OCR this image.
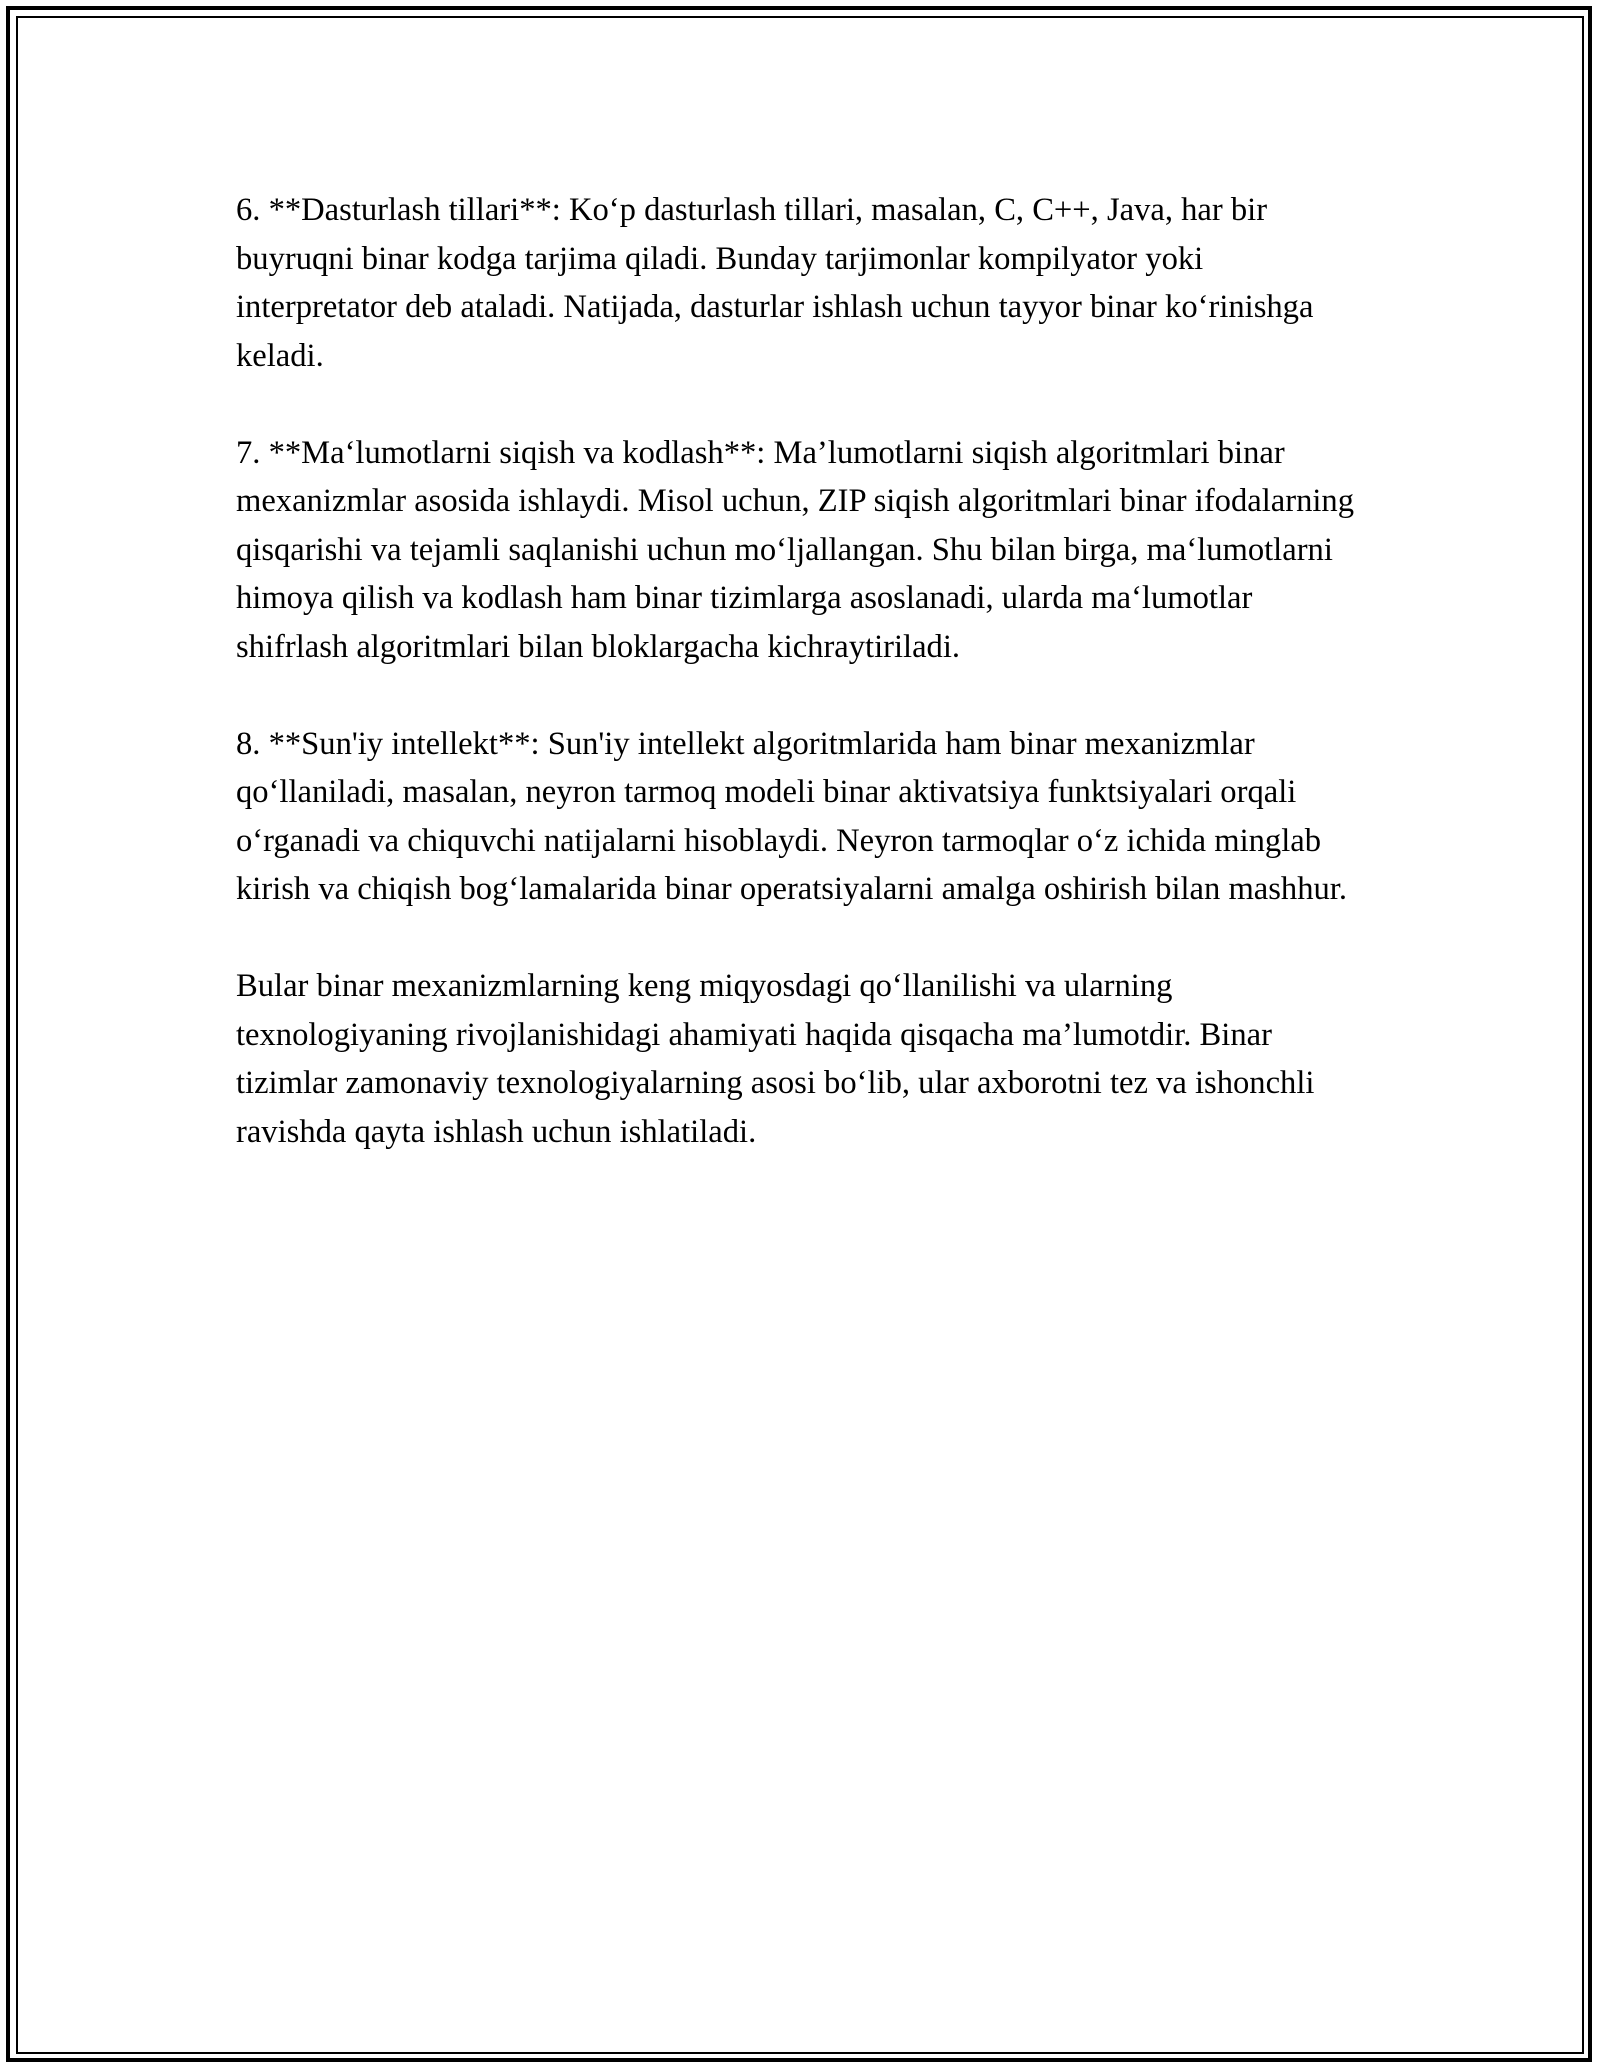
6. **Dasturlash tillari**: Ko‘p dasturlash tillari, masalan, C, C++, Java, har bir buyruqni binar kodga tarjima qiladi. Bunday tarjimonlar kompilyator yoki interpretator deb ataladi. Natijada, dasturlar ishlash uchun tayyor binar ko‘rinishga keladi.

7. **Ma‘lumotlarni siqish va kodlash**: Ma’lumotlarni siqish algoritmlari binar mexanizmlar asosida ishlaydi. Misol uchun, ZIP siqish algoritmlari binar ifodalarning qisqarishi va tejamli saqlanishi uchun mo‘ljallangan. Shu bilan birga, ma‘lumotlarni himoya qilish va kodlash ham binar tizimlarga asoslanadi, ularda ma‘lumotlar shifrlash algoritmlari bilan bloklargacha kichraytiriladi.

8. **Sun'iy intellekt**: Sun'iy intellekt algoritmlarida ham binar mexanizmlar qo‘llaniladi, masalan, neyron tarmoq modeli binar aktivatsiya funktsiyalari orqali o‘rganadi va chiquvchi natijalarni hisoblaydi. Neyron tarmoqlar o‘z ichida minglab kirish va chiqish bog‘lamalarida binar operatsiyalarni amalga oshirish bilan mashhur.

Bular binar mexanizmlarning keng miqyosdagi qo‘llanilishi va ularning texnologiyaning rivojlanishidagi ahamiyati haqida qisqacha ma’lumotdir. Binar tizimlar zamonaviy texnologiyalarning asosi bo‘lib, ular axborotni tez va ishonchli ravishda qayta ishlash uchun ishlatiladi.
